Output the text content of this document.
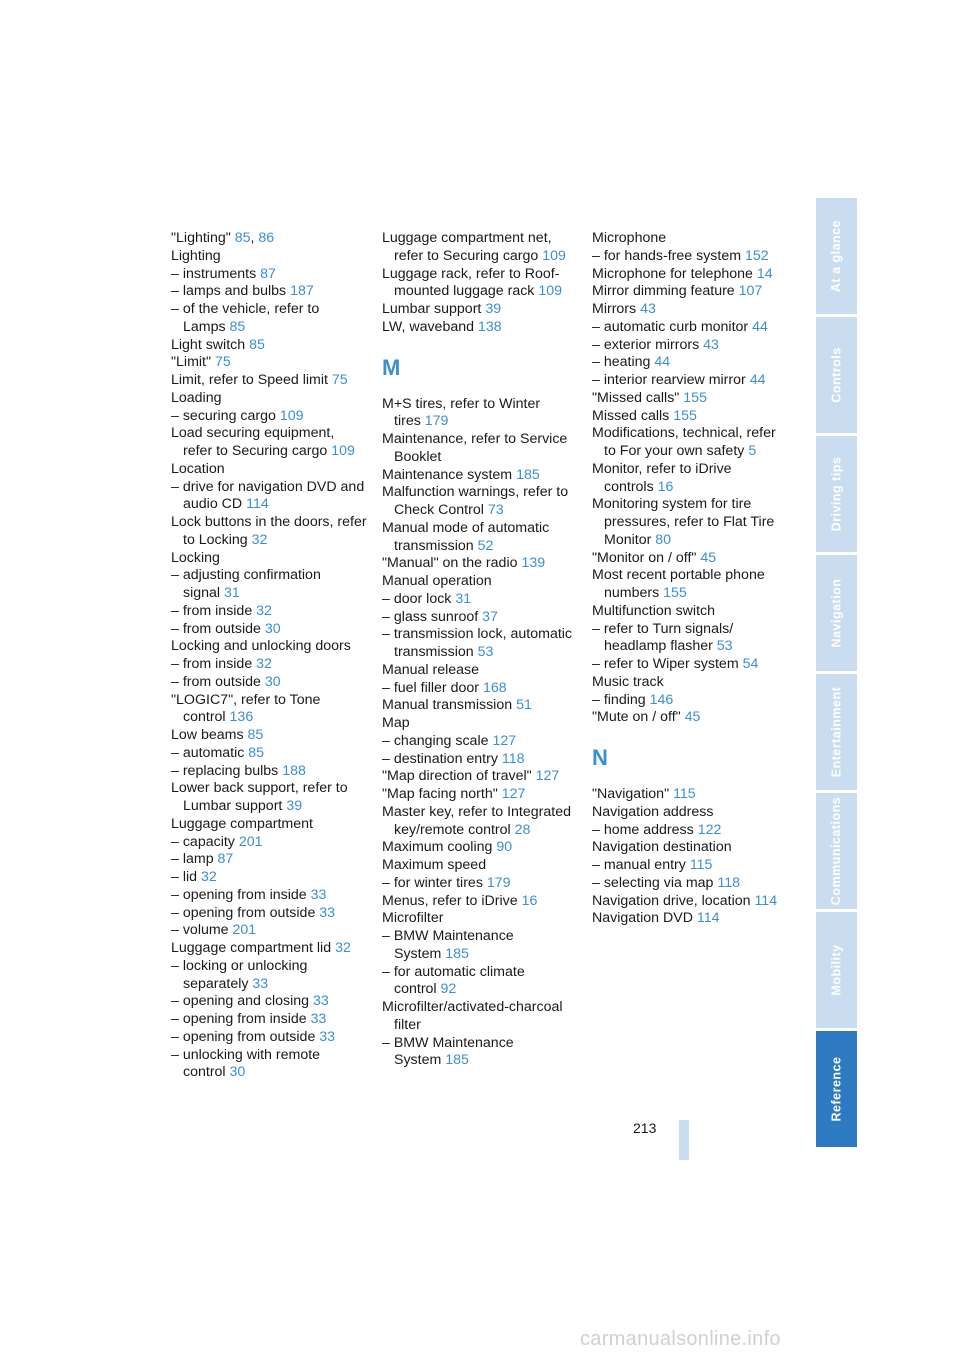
"Lighting" 85, 86
Lighting
– instruments 87
– lamps and bulbs 187
– of the vehicle, refer to Lamps 85
Light switch 85
"Limit" 75
Limit, refer to Speed limit 75
Loading
– securing cargo 109
Load securing equipment, refer to Securing cargo 109
Location
– drive for navigation DVD and audio CD 114
Lock buttons in the doors, refer to Locking 32
Locking
– adjusting confirmation signal 31
– from inside 32
– from outside 30
Locking and unlocking doors
– from inside 32
– from outside 30
"LOGIC7", refer to Tone control 136
Low beams 85
– automatic 85
– replacing bulbs 188
Lower back support, refer to Lumbar support 39
Luggage compartment
– capacity 201
– lamp 87
– lid 32
– opening from inside 33
– opening from outside 33
– volume 201
Luggage compartment lid 32
– locking or unlocking separately 33
– opening and closing 33
– opening from inside 33
– opening from outside 33
– unlocking with remote control 30
Luggage compartment net, refer to Securing cargo 109
Luggage rack, refer to Roof-mounted luggage rack 109
Lumbar support 39
LW, waveband 138
M
M+S tires, refer to Winter tires 179
Maintenance, refer to Service Booklet
Maintenance system 185
Malfunction warnings, refer to Check Control 73
Manual mode of automatic transmission 52
"Manual" on the radio 139
Manual operation
– door lock 31
– glass sunroof 37
– transmission lock, automatic transmission 53
Manual release
– fuel filler door 168
Manual transmission 51
Map
– changing scale 127
– destination entry 118
"Map direction of travel" 127
"Map facing north" 127
Master key, refer to Integrated key/remote control 28
Maximum cooling 90
Maximum speed
– for winter tires 179
Menus, refer to iDrive 16
Microfilter
– BMW Maintenance System 185
– for automatic climate control 92
Microfilter/activated-charcoal filter
– BMW Maintenance System 185
Microphone
– for hands-free system 152
Microphone for telephone 14
Mirror dimming feature 107
Mirrors 43
– automatic curb monitor 44
– exterior mirrors 43
– heating 44
– interior rearview mirror 44
"Missed calls" 155
Missed calls 155
Modifications, technical, refer to For your own safety 5
Monitor, refer to iDrive controls 16
Monitoring system for tire pressures, refer to Flat Tire Monitor 80
"Monitor on / off" 45
Most recent portable phone numbers 155
Multifunction switch
– refer to Turn signals/ headlamp flasher 53
– refer to Wiper system 54
Music track
– finding 146
"Mute on / off" 45
N
"Navigation" 115
Navigation address
– home address 122
Navigation destination
– manual entry 115
– selecting via map 118
Navigation drive, location 114
Navigation DVD 114
At a glance
Controls
Driving tips
Navigation
Entertainment
Communications
Mobility
Reference
213
carmanualsonline.info
